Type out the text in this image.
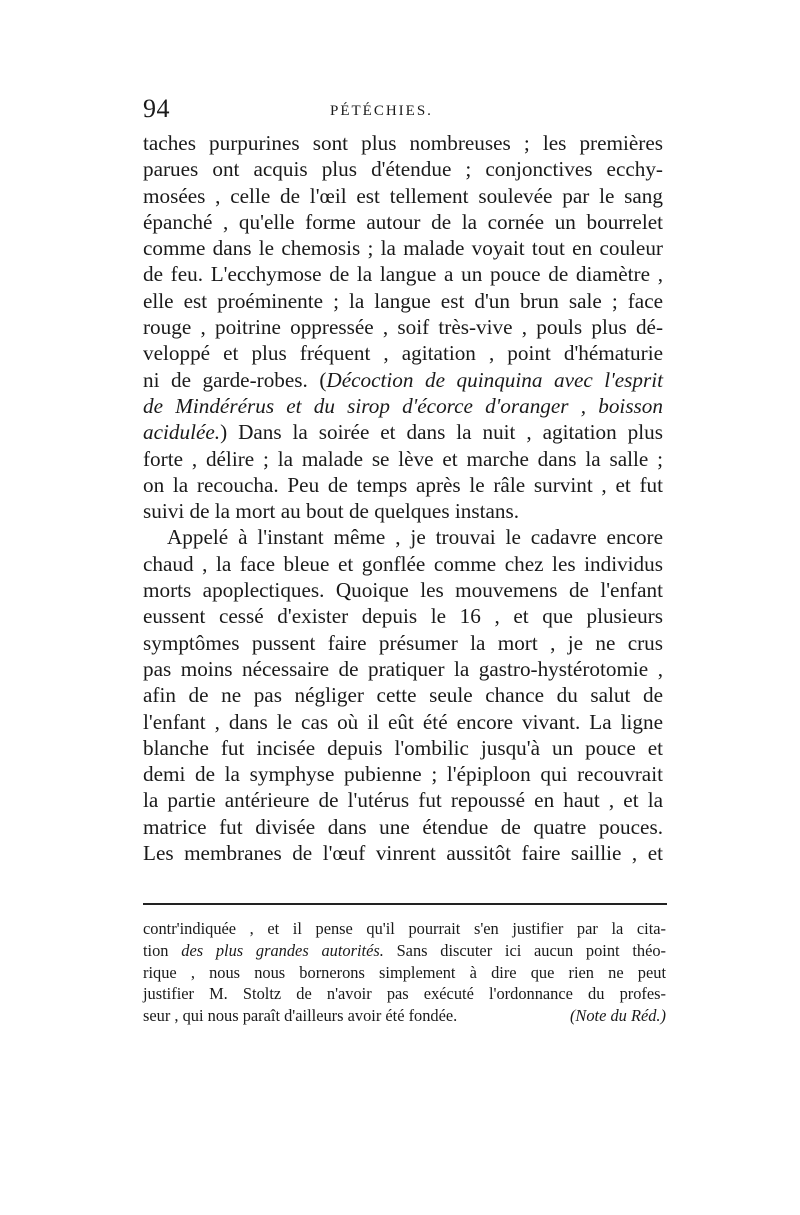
94	PÉTÉCHIES.
taches purpurines sont plus nombreuses ; les premières
parues ont acquis plus d'étendue ; conjonctives ecchy-
mosées , celle de l'œil est tellement soulevée par le sang
épanché , qu'elle forme autour de la cornée un bourrelet
comme dans le chemosis ; la malade voyait tout en couleur
de feu. L'ecchymose de la langue a un pouce de diamètre ,
elle est proéminente ; la langue est d'un brun sale ; face
rouge , poitrine oppressée , soif très-vive , pouls plus dé-
veloppé et plus fréquent , agitation , point d'hématurie
ni de garde-robes. (Décoction de quinquina avec l'esprit
de Mindérérus et du sirop d'écorce d'oranger , boisson
acidulée.) Dans la soirée et dans la nuit , agitation plus
forte , délire ; la malade se lève et marche dans la salle ;
on la recoucha. Peu de temps après le râle survint , et fut
suivi de la mort au bout de quelques instans.
Appelé à l'instant même , je trouvai le cadavre encore
chaud , la face bleue et gonflée comme chez les individus
morts apoplectiques. Quoique les mouvemens de l'enfant
eussent cessé d'exister depuis le 16 , et que plusieurs
symptômes pussent faire présumer la mort , je ne crus
pas moins nécessaire de pratiquer la gastro-hystérotomie ,
afin de ne pas négliger cette seule chance du salut de
l'enfant , dans le cas où il eût été encore vivant. La ligne
blanche fut incisée depuis l'ombilic jusqu'à un pouce et
demi de la symphyse pubienne ; l'épiploon qui recouvrait
la partie antérieure de l'utérus fut repoussé en haut , et la
matrice fut divisée dans une étendue de quatre pouces.
Les membranes de l'œuf vinrent aussitôt faire saillie , et
contr'indiquée , et il pense qu'il pourrait s'en justifier par la cita-
tion des plus grandes autorités. Sans discuter ici aucun point théo-
rique , nous nous bornerons simplement à dire que rien ne peut
justifier M. Stoltz de n'avoir pas exécuté l'ordonnance du profes-
seur , qui nous paraît d'ailleurs avoir été fondée.	(Note du Réd.)
